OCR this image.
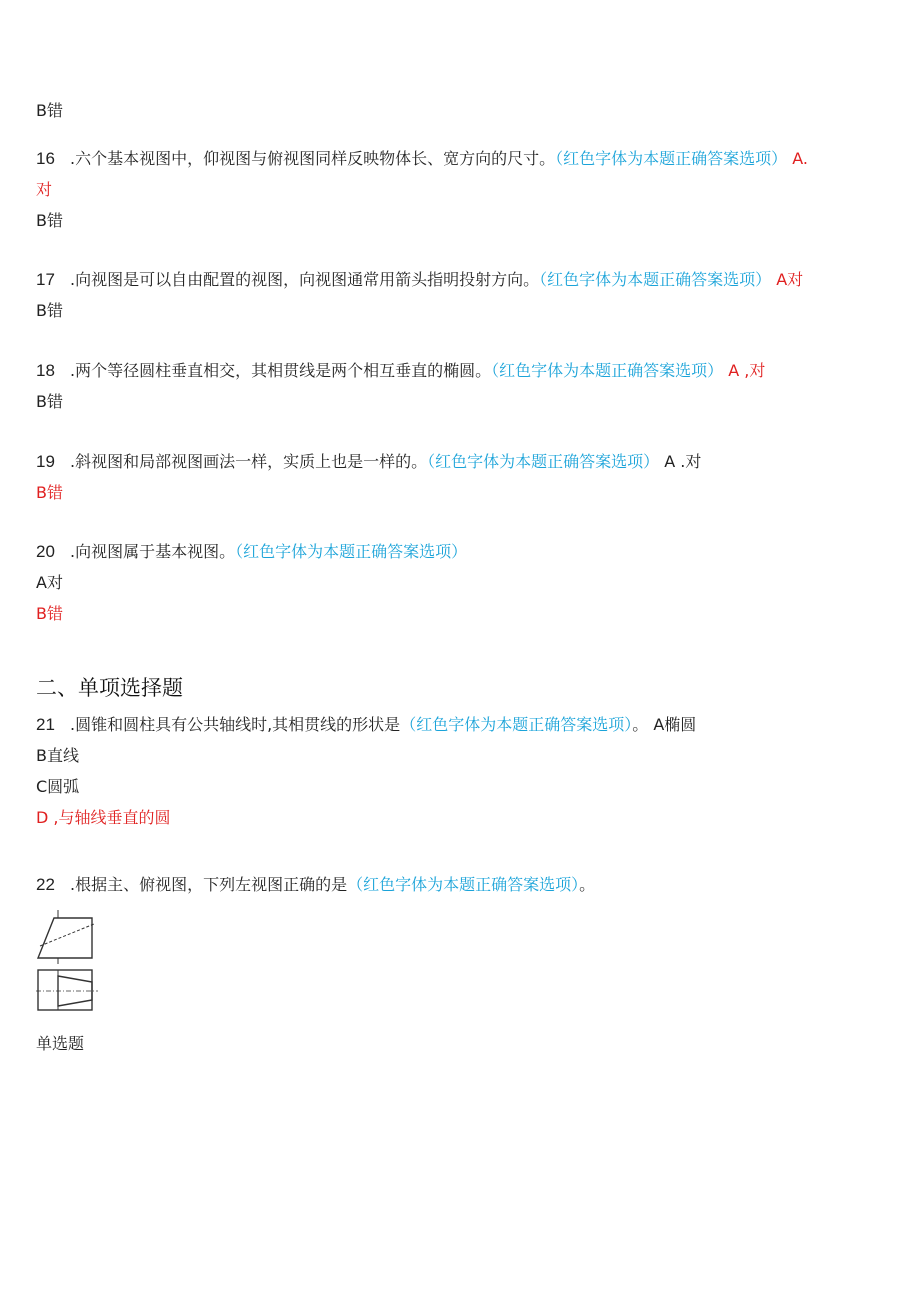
B错
16 .六个基本视图中，仰视图与俯视图同样反映物体长、宽方向的尺寸。（红色字体为本题正确答案选项） A.
对
B错
17 .向视图是可以自由配置的视图，向视图通常用箭头指明投射方向。（红色字体为本题正确答案选项） A对
B错
18 .两个等径圆柱垂直相交，其相贯线是两个相互垂直的椭圆。（红色字体为本题正确答案选项） A ,对
B错
19 .斜视图和局部视图画法一样，实质上也是一样的。（红色字体为本题正确答案选项） A .对
B错
20 .向视图属于基本视图。（红色字体为本题正确答案选项）
A对
B错
二、单项选择题
21 .圆锥和圆柱具有公共轴线时,其相贯线的形状是（红色字体为本题正确答案选项）。 A椭圆
B直线
C圆弧
D ,与轴线垂直的圆
22 .根据主、俯视图，下列左视图正确的是（红色字体为本题正确答案选项）。
单选题
